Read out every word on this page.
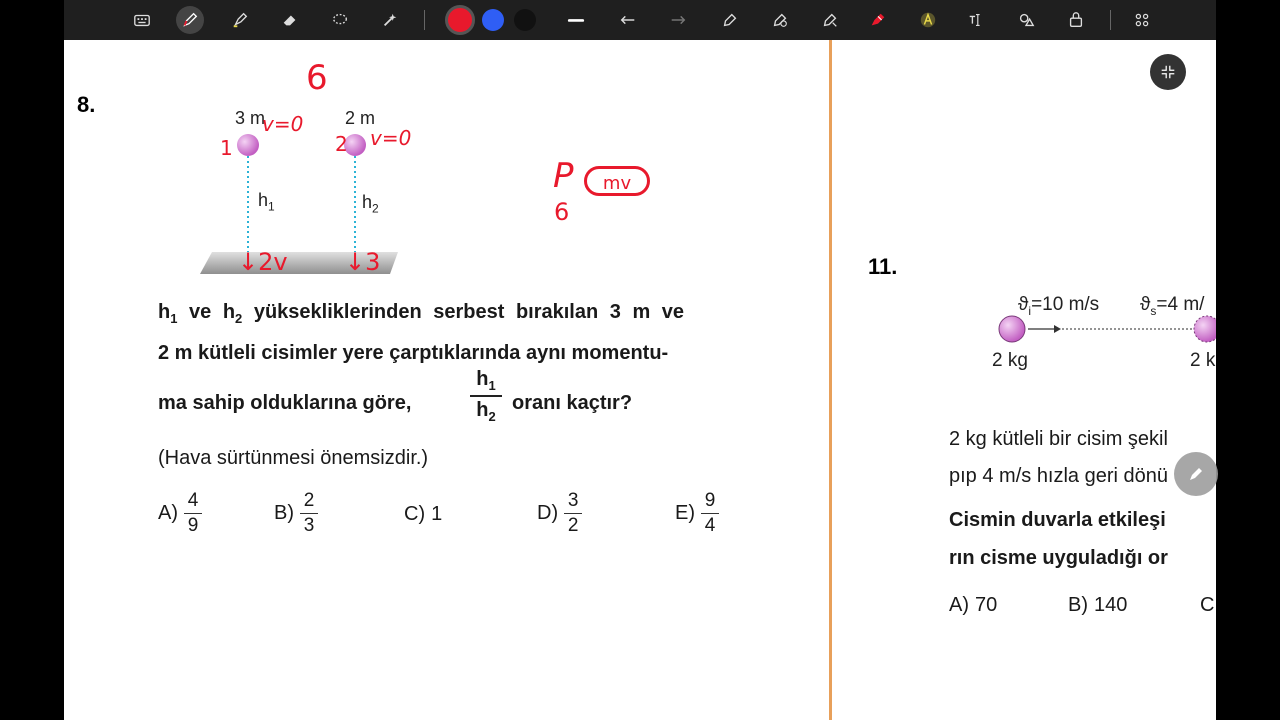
8.
3 m	2 m
$h_1$	$h_2$
6
v=0
v=0
1	2
↓2v ↓3
P	mv
6
$h_1$ ve $h_2$ yüksekliklerinden serbest bırakılan 3 m ve
2 m kütleli cisimler yere çarptıklarında aynı momentu-
ma sahip olduklarına göre,
$h_1$
$h_2$
oranı kaçtır?
(Hava sürtünmesi önemsizdir.)
$A) \frac{4}{9}$	$B) \frac{2}{3}$	C) 1	$D) \frac{3}{2}$	$E) \frac{9}{4}$
11.
$ϑ_i=10$ m/s $ϑ_s=4$ m/
2 kg	2 k
2 kg kütleli bir cisim şekil
pıp 4 m/s hızla geri dönü
Cismin duvarla etkileşi
rın cisme uyguladığı or
A) 70	B) 140	C
